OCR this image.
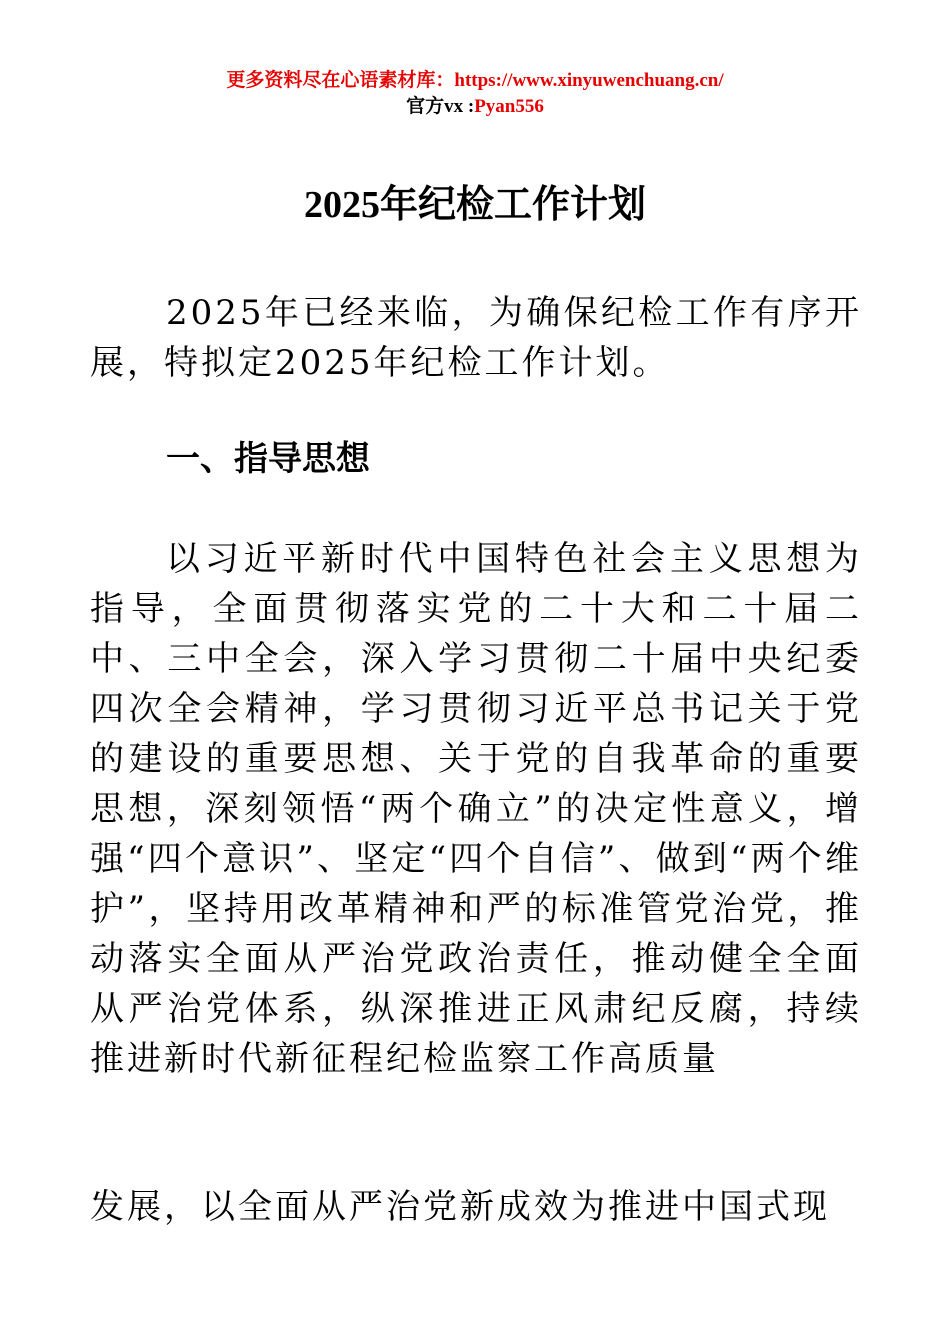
更多资料尽在心语素材库：https://www.xinyuwenchuang.cn/
官方vx :Pyan556
2025年纪检工作计划
2025年已经来临，为确保纪检工作有序开展，特拟定2025年纪检工作计划。
一、指导思想
以习近平新时代中国特色社会主义思想为指导，全面贯彻落实党的二十大和二十届二中、三中全会，深入学习贯彻二十届中央纪委四次全会精神，学习贯彻习近平总书记关于党的建设的重要思想、关于党的自我革命的重要思想，深刻领悟“两个确立”的决定性意义，增强“四个意识”、坚定“四个自信”、做到“两个维护”，坚持用改革精神和严的标准管党治党，推动落实全面从严治党政治责任，推动健全全面从严治党体系，纵深推进正风肃纪反腐，持续推进新时代新征程纪检监察工作高质量
发展，以全面从严治党新成效为推进中国式现
